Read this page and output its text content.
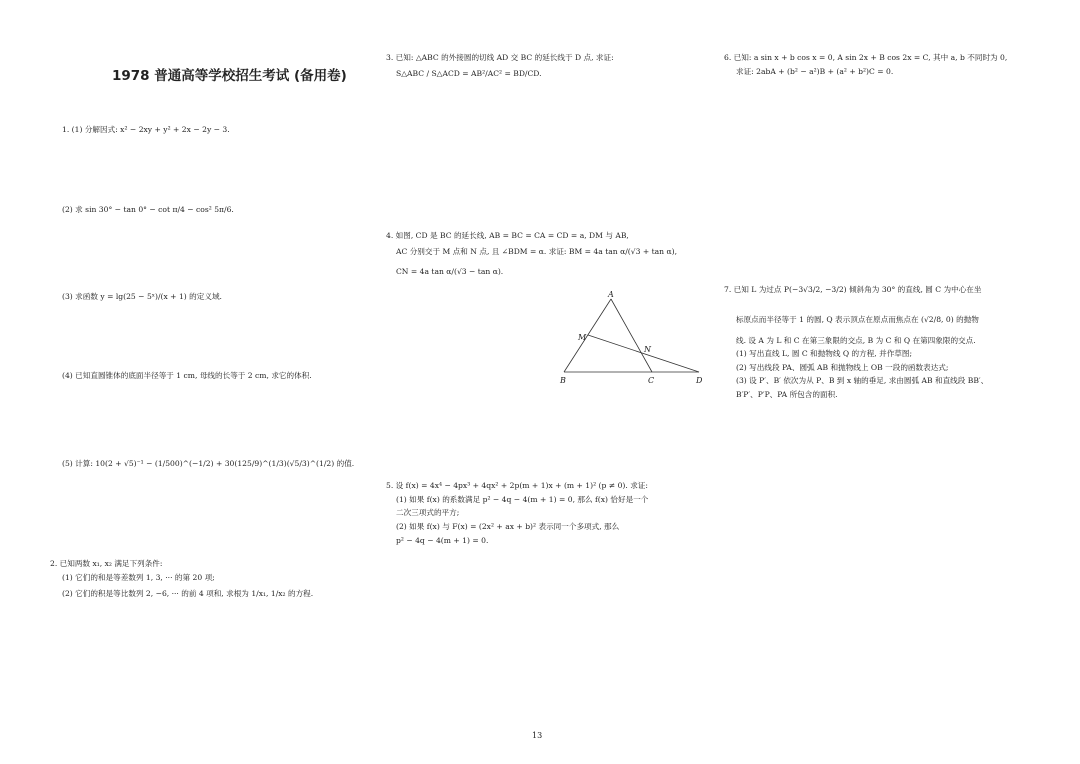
1978 普通高等学校招生考试 (备用卷)
1. (1) 分解因式: x² − 2xy + y² + 2x − 2y − 3.
(2) 求 sin 30° − tan 0° − cot π/4 − cos² 5π/6.
(3) 求函数 y = lg(25 − 5ˣ)/(x + 1) 的定义域.
(4) 已知直圆锥体的底面半径等于 1 cm, 母线的长等于 2 cm, 求它的体积.
(5) 计算: 10(2 + √5)⁻¹ − (1/500)^(−1/2) + 30(125/9)^(1/3)(√5/3)^(1/2) 的值.
2. 已知两数 x₁, x₂ 满足下列条件:
(1) 它们的和是等差数列 1, 3, ··· 的第 20 项;
(2) 它们的积是等比数列 2, −6, ··· 的前 4 项和, 求根为 1/x₁, 1/x₂ 的方程.
3. 已知: △ABC 的外接圆的切线 AD 交 BC 的延长线于 D 点, 求证:
S△ABC / S△ACD = AB²/AC² = BD/CD.
4. 如图, CD 是 BC 的延长线, AB = BC = CA = CD = a, DM 与 AB,
AC 分别交于 M 点和 N 点, 且 ∠BDM = α. 求证: BM = 4a tan α/(√3 + tan α),
CN = 4a tan α/(√3 − tan α).
A
M
N
B	C	D
5. 设 f(x) = 4x⁴ − 4px³ + 4qx² + 2p(m + 1)x + (m + 1)² (p ≠ 0). 求证:
(1) 如果 f(x) 的系数满足 p² − 4q − 4(m + 1) = 0, 那么 f(x) 恰好是一个
二次三项式的平方;
(2) 如果 f(x) 与 F(x) = (2x² + ax + b)² 表示同一个多项式, 那么
p² − 4q − 4(m + 1) = 0.
6. 已知: a sin x + b cos x = 0, A sin 2x + B cos 2x = C, 其中 a, b 不同时为 0,
求证: 2abA + (b² − a²)B + (a² + b²)C = 0.
7. 已知 L 为过点 P(−3√3/2, −3/2) 倾斜角为 30° 的直线, 圆 C 为中心在坐
标原点而半径等于 1 的圆, Q 表示顶点在原点而焦点在 (√2/8, 0) 的抛物
线. 设 A 为 L 和 C 在第三象限的交点, B 为 C 和 Q 在第四象限的交点.
(1) 写出直线 L, 圆 C 和抛物线 Q 的方程, 并作草图;
(2) 写出线段 PA、圆弧 AB 和抛物线上 OB 一段的函数表达式;
(3) 设 P′、B′ 依次为从 P、B 到 x 轴的垂足, 求由圆弧 AB 和直线段 BB′、
B′P′、P′P、PA 所包含的面积.
13
